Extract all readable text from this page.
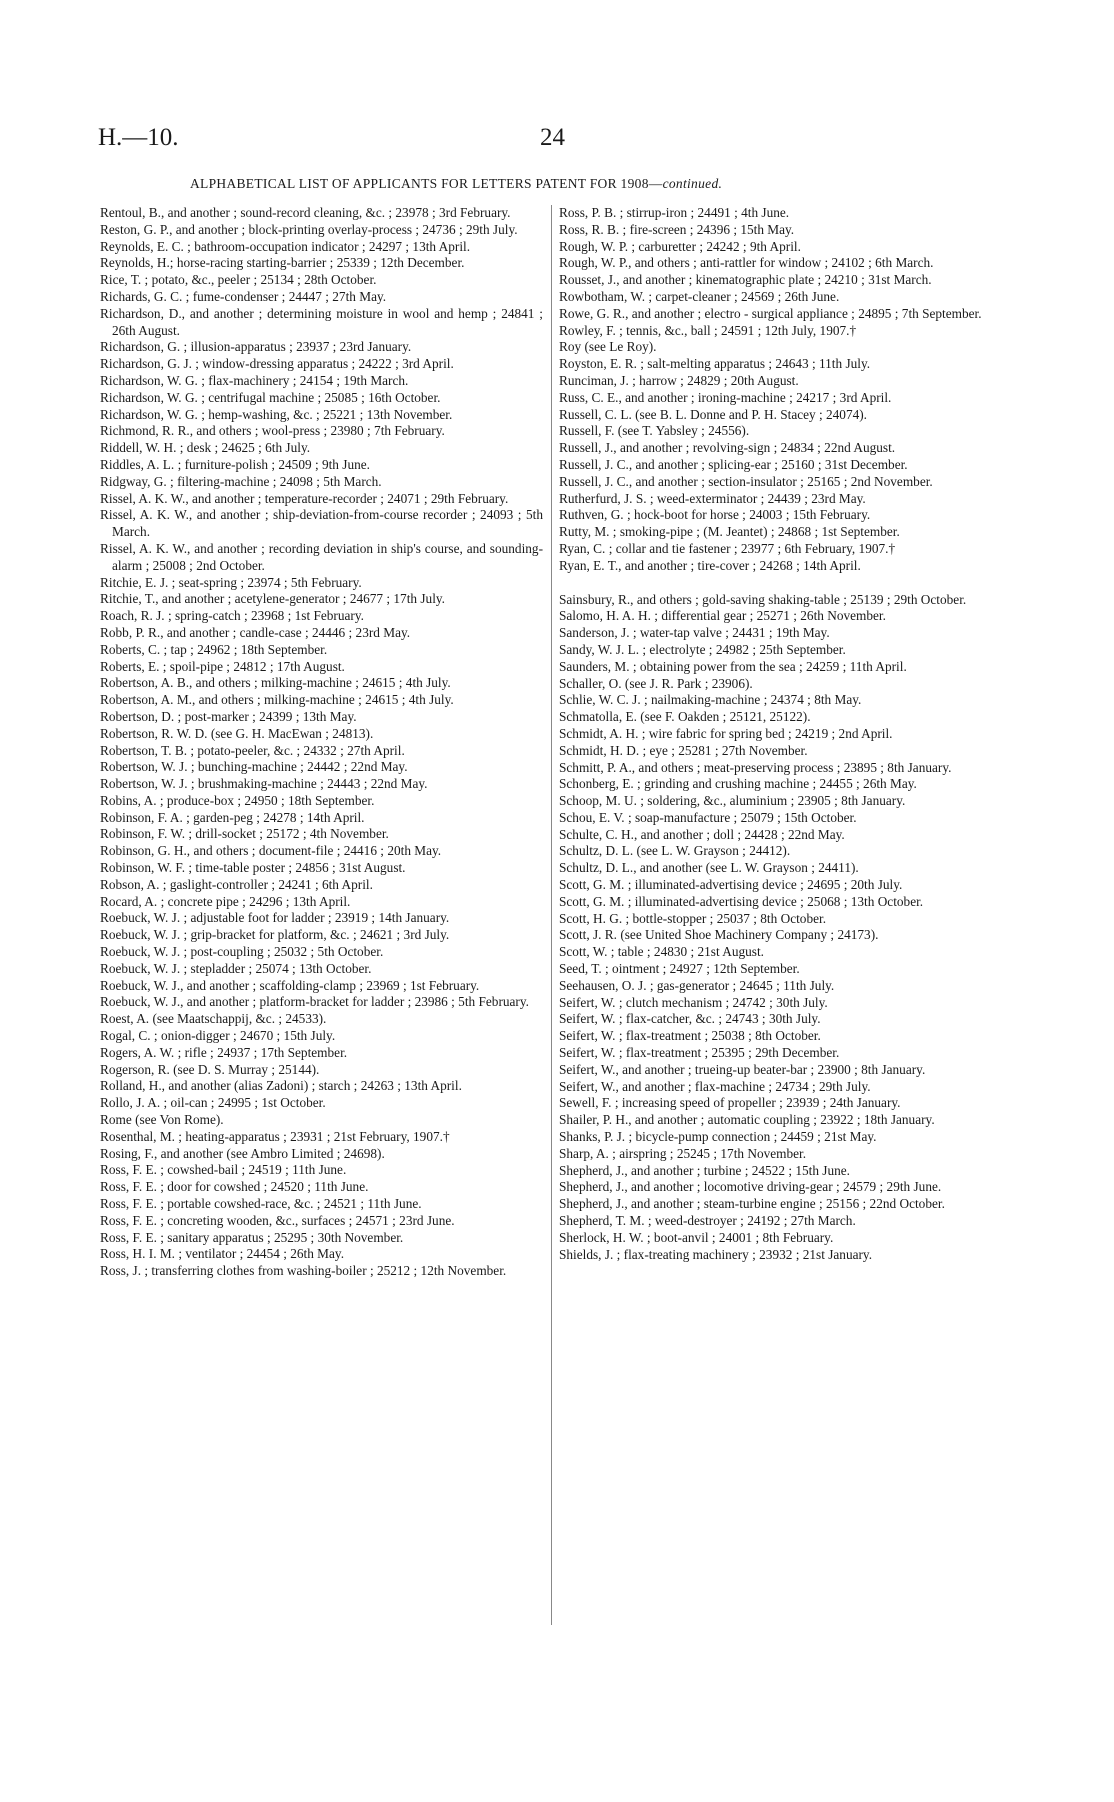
H.—10.	24
ALPHABETICAL LIST OF APPLICANTS FOR LETTERS PATENT FOR 1908—continued.

Rentoul, B., and another ; sound-record cleaning, &c. ; 23978 ; 3rd February.

Reston, G. P., and another ; block-printing overlay-process ; 24736 ; 29th July.

Reynolds, E. C. ; bathroom-occupation indicator ; 24297 ; 13th April.

Reynolds, H.; horse-racing starting-barrier ; 25339 ; 12th December.

Rice, T. ; potato, &c., peeler ; 25134 ; 28th October.

Richards, G. C. ; fume-condenser ; 24447 ; 27th May.

Richardson, D., and another ; determining moisture in wool and hemp ; 24841 ; 26th August.

Richardson, G. ; illusion-apparatus ; 23937 ; 23rd January.

Richardson, G. J. ; window-dressing apparatus ; 24222 ; 3rd April.

Richardson, W. G. ; flax-machinery ; 24154 ; 19th March.

Richardson, W. G. ; centrifugal machine ; 25085 ; 16th October.

Richardson, W. G. ; hemp-washing, &c. ; 25221 ; 13th November.

Richmond, R. R., and others ; wool-press ; 23980 ; 7th February.

Riddell, W. H. ; desk ; 24625 ; 6th July.

Riddles, A. L. ; furniture-polish ; 24509 ; 9th June.

Ridgway, G. ; filtering-machine ; 24098 ; 5th March.

Rissel, A. K. W., and another ; temperature-recorder ; 24071 ; 29th February.

Rissel, A. K. W., and another ; ship-deviation-from-course recorder ; 24093 ; 5th March.

Rissel, A. K. W., and another ; recording deviation in ship's course, and sounding-alarm ; 25008 ; 2nd October.

Ritchie, E. J. ; seat-spring ; 23974 ; 5th February.

Ritchie, T., and another ; acetylene-generator ; 24677 ; 17th July.

Roach, R. J. ; spring-catch ; 23968 ; 1st February.

Robb, P. R., and another ; candle-case ; 24446 ; 23rd May.

Roberts, C. ; tap ; 24962 ; 18th September.

Roberts, E. ; spoil-pipe ; 24812 ; 17th August.

Robertson, A. B., and others ; milking-machine ; 24615 ; 4th July.

Robertson, A. M., and others ; milking-machine ; 24615 ; 4th July.

Robertson, D. ; post-marker ; 24399 ; 13th May.

Robertson, R. W. D. (see G. H. MacEwan ; 24813).

Robertson, T. B. ; potato-peeler, &c. ; 24332 ; 27th April.

Robertson, W. J. ; bunching-machine ; 24442 ; 22nd May.

Robertson, W. J. ; brushmaking-machine ; 24443 ; 22nd May.

Robins, A. ; produce-box ; 24950 ; 18th September.

Robinson, F. A. ; garden-peg ; 24278 ; 14th April.

Robinson, F. W. ; drill-socket ; 25172 ; 4th November.

Robinson, G. H., and others ; document-file ; 24416 ; 20th May.

Robinson, W. F. ; time-table poster ; 24856 ; 31st August.

Robson, A. ; gaslight-controller ; 24241 ; 6th April.

Rocard, A. ; concrete pipe ; 24296 ; 13th April.

Roebuck, W. J. ; adjustable foot for ladder ; 23919 ; 14th January.

Roebuck, W. J. ; grip-bracket for platform, &c. ; 24621 ; 3rd July.

Roebuck, W. J. ; post-coupling ; 25032 ; 5th October.

Roebuck, W. J. ; stepladder ; 25074 ; 13th October.

Roebuck, W. J., and another ; scaffolding-clamp ; 23969 ; 1st February.

Roebuck, W. J., and another ; platform-bracket for ladder ; 23986 ; 5th February.

Roest, A. (see Maatschappij, &c. ; 24533).

Rogal, C. ; onion-digger ; 24670 ; 15th July.

Rogers, A. W. ; rifle ; 24937 ; 17th September.

Rogerson, R. (see D. S. Murray ; 25144).

Rolland, H., and another (alias Zadoni) ; starch ; 24263 ; 13th April.

Rollo, J. A. ; oil-can ; 24995 ; 1st October.

Rome (see Von Rome).

Rosenthal, M. ; heating-apparatus ; 23931 ; 21st February, 1907.†

Rosing, F., and another (see Ambro Limited ; 24698).

Ross, F. E. ; cowshed-bail ; 24519 ; 11th June.

Ross, F. E. ; door for cowshed ; 24520 ; 11th June.

Ross, F. E. ; portable cowshed-race, &c. ; 24521 ; 11th June.

Ross, F. E. ; concreting wooden, &c., surfaces ; 24571 ; 23rd June.

Ross, F. E. ; sanitary apparatus ; 25295 ; 30th November.

Ross, H. I. M. ; ventilator ; 24454 ; 26th May.

Ross, J. ; transferring clothes from washing-boiler ; 25212 ; 12th November.

Ross, P. B. ; stirrup-iron ; 24491 ; 4th June.

Ross, R. B. ; fire-screen ; 24396 ; 15th May.

Rough, W. P. ; carburetter ; 24242 ; 9th April.

Rough, W. P., and others ; anti-rattler for window ; 24102 ; 6th March.

Rousset, J., and another ; kinematographic plate ; 24210 ; 31st March.

Rowbotham, W. ; carpet-cleaner ; 24569 ; 26th June.

Rowe, G. R., and another ; electro - surgical appliance ; 24895 ; 7th September.

Rowley, F. ; tennis, &c., ball ; 24591 ; 12th July, 1907.†

Roy (see Le Roy).

Royston, E. R. ; salt-melting apparatus ; 24643 ; 11th July.

Runciman, J. ; harrow ; 24829 ; 20th August.

Russ, C. E., and another ; ironing-machine ; 24217 ; 3rd April.

Russell, C. L. (see B. L. Donne and P. H. Stacey ; 24074).

Russell, F. (see T. Yabsley ; 24556).

Russell, J., and another ; revolving-sign ; 24834 ; 22nd August.

Russell, J. C., and another ; splicing-ear ; 25160 ; 31st December.

Russell, J. C., and another ; section-insulator ; 25165 ; 2nd November.

Rutherfurd, J. S. ; weed-exterminator ; 24439 ; 23rd May.

Ruthven, G. ; hock-boot for horse ; 24003 ; 15th February.

Rutty, M. ; smoking-pipe ; (M. Jeantet) ; 24868 ; 1st September.

Ryan, C. ; collar and tie fastener ; 23977 ; 6th February, 1907.†

Ryan, E. T., and another ; tire-cover ; 24268 ; 14th April.

Sainsbury, R., and others ; gold-saving shaking-table ; 25139 ; 29th October.

Salomo, H. A. H. ; differential gear ; 25271 ; 26th November.

Sanderson, J. ; water-tap valve ; 24431 ; 19th May.

Sandy, W. J. L. ; electrolyte ; 24982 ; 25th September.

Saunders, M. ; obtaining power from the sea ; 24259 ; 11th April.

Schaller, O. (see J. R. Park ; 23906).

Schlie, W. C. J. ; nailmaking-machine ; 24374 ; 8th May.

Schmatolla, E. (see F. Oakden ; 25121, 25122).

Schmidt, A. H. ; wire fabric for spring bed ; 24219 ; 2nd April.

Schmidt, H. D. ; eye ; 25281 ; 27th November.

Schmitt, P. A., and others ; meat-preserving process ; 23895 ; 8th January.

Schonberg, E. ; grinding and crushing machine ; 24455 ; 26th May.

Schoop, M. U. ; soldering, &c., aluminium ; 23905 ; 8th January.

Schou, E. V. ; soap-manufacture ; 25079 ; 15th October.

Schulte, C. H., and another ; doll ; 24428 ; 22nd May.

Schultz, D. L. (see L. W. Grayson ; 24412).

Schultz, D. L., and another (see L. W. Grayson ; 24411).

Scott, G. M. ; illuminated-advertising device ; 24695 ; 20th July.

Scott, G. M. ; illuminated-advertising device ; 25068 ; 13th October.

Scott, H. G. ; bottle-stopper ; 25037 ; 8th October.

Scott, J. R. (see United Shoe Machinery Company ; 24173).

Scott, W. ; table ; 24830 ; 21st August.

Seed, T. ; ointment ; 24927 ; 12th September.

Seehausen, O. J. ; gas-generator ; 24645 ; 11th July.

Seifert, W. ; clutch mechanism ; 24742 ; 30th July.

Seifert, W. ; flax-catcher, &c. ; 24743 ; 30th July.

Seifert, W. ; flax-treatment ; 25038 ; 8th October.

Seifert, W. ; flax-treatment ; 25395 ; 29th December.

Seifert, W., and another ; trueing-up beater-bar ; 23900 ; 8th January.

Seifert, W., and another ; flax-machine ; 24734 ; 29th July.

Sewell, F. ; increasing speed of propeller ; 23939 ; 24th January.

Shailer, P. H., and another ; automatic coupling ; 23922 ; 18th January.

Shanks, P. J. ; bicycle-pump connection ; 24459 ; 21st May.

Sharp, A. ; airspring ; 25245 ; 17th November.

Shepherd, J., and another ; turbine ; 24522 ; 15th June.

Shepherd, J., and another ; locomotive driving-gear ; 24579 ; 29th June.

Shepherd, J., and another ; steam-turbine engine ; 25156 ; 22nd October.

Shepherd, T. M. ; weed-destroyer ; 24192 ; 27th March.

Sherlock, H. W. ; boot-anvil ; 24001 ; 8th February.

Shields, J. ; flax-treating machinery ; 23932 ; 21st January.
